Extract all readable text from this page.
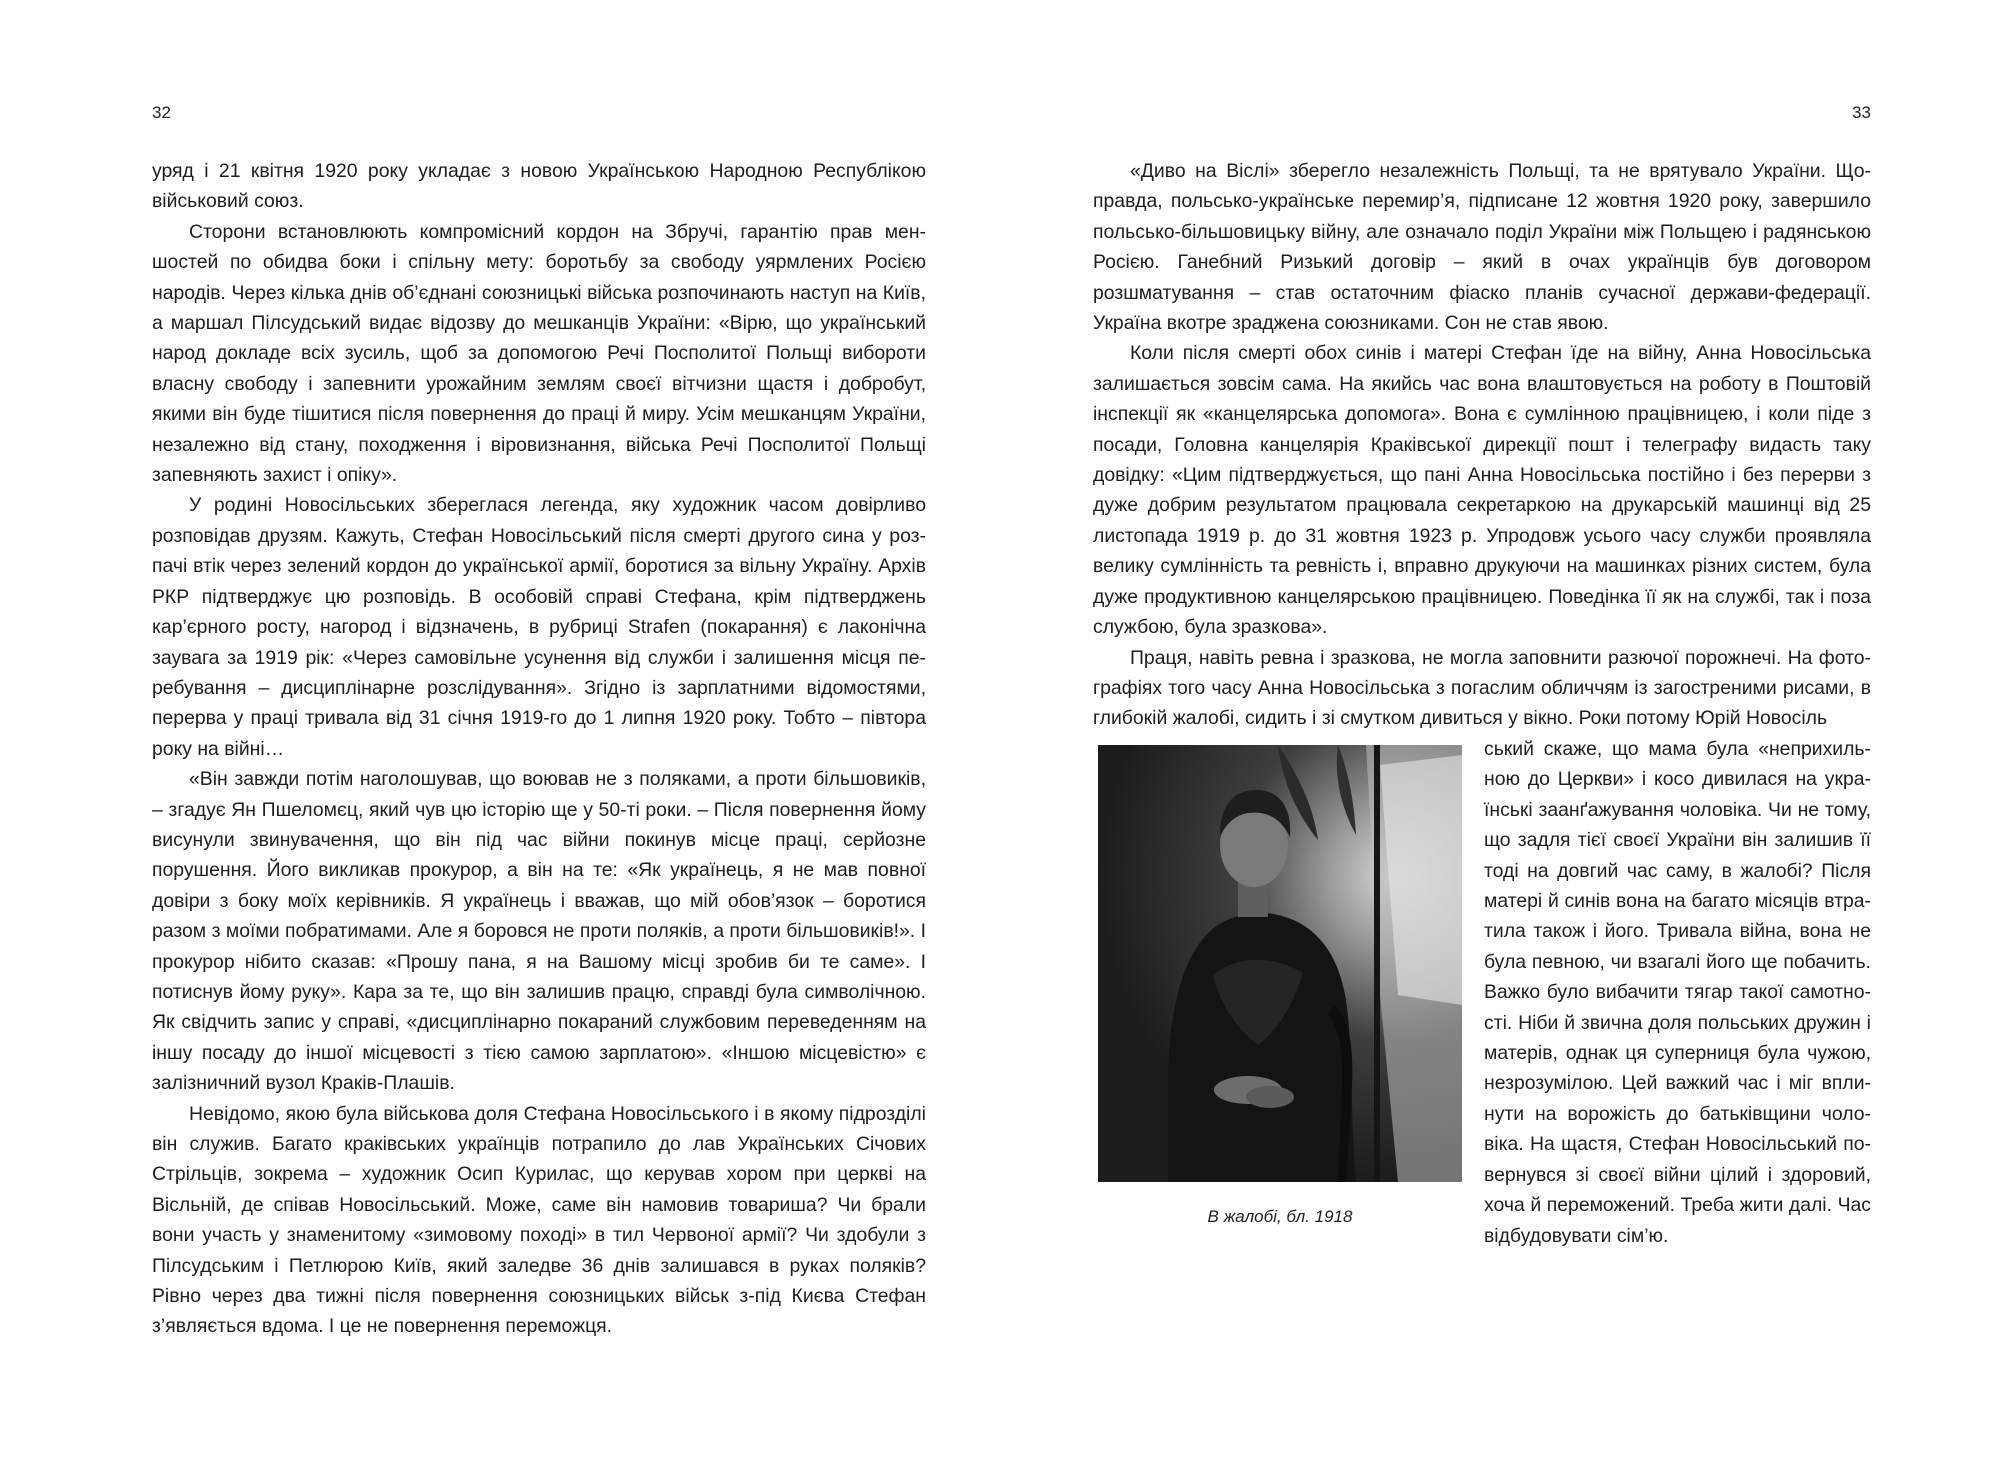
32	33

уряд і 21 квітня 1920 року укладає з новою Українською Народною Республікою військовий союз.

Сторони встановлюють компромісний кордон на Збручі, гарантію прав меншостей по обидва боки і спільну мету: боротьбу за свободу уярмлених Росією народів. Через кілька днів об’єднані союзницькі війська розпочинають наступ на Київ, а маршал Пілсудський видає відозву до мешканців України: «Вірю, що український народ докладе всіх зусиль, щоб за допомогою Речі Посполитої Польщі вибороти власну свободу і запевнити урожайним землям своєї вітчизни щастя і добробут, якими він буде тішитися після повернення до праці й миру. Усім мешканцям України, незалежно від стану, походження і віровизнання, війська Речі Посполитої Польщі запевняють захист і опіку».

У родині Новосільських збереглася легенда, яку художник часом довірливо розповідав друзям. Кажуть, Стефан Новосільський після смерті другого сина у розпачі втік через зелений кордон до української армії, боротися за вільну Україну. Архів РКР підтверджує цю розповідь. В особовій справі Стефана, крім підтверджень кар’єрного росту, нагород і відзначень, в рубриці Strafen (покарання) є лаконічна заувага за 1919 рік: «Через самовільне усунення від служби і залишення місця перебування – дисциплінарне розслідування». Згідно із зарплатними відомостями, перерва у праці тривала від 31 січня 1919-го до 1 липня 1920 року. Тобто – півтора року на війні…

«Він завжди потім наголошував, що воював не з поляками, а проти більшовиків, – згадує Ян Пшеломєц, який чув цю історію ще у 50-ті роки. – Після повернення йому висунули звинувачення, що він під час війни покинув місце праці, серйозне порушення. Його викликав прокурор, а він на те: «Як українець, я не мав повної довіри з боку моїх керівників. Я українець і вважав, що мій обов’язок – боротися разом з моїми побратимами. Але я боровся не проти поляків, а проти більшовиків!». І прокурор нібито сказав: «Прошу пана, я на Вашому місці зробив би те саме». І потиснув йому руку». Кара за те, що він залишив працю, справді була символічною. Як свідчить запис у справі, «дисциплінарно покараний службовим переведенням на іншу посаду до іншої місцевості з тією самою зарплатою». «Іншою місцевістю» є залізничний вузол Краків-Плашів.

Невідомо, якою була військова доля Стефана Новосільського і в якому підрозділі він служив. Багато краківських українців потрапило до лав Українських Січових Стрільців, зокрема – художник Осип Курилас, що керував хором при церкві на Вісльній, де співав Новосільський. Може, саме він намовив товариша? Чи брали вони участь у знаменитому «зимовому поході» в тил Червоної армії? Чи здобули з Пілсудським і Петлюрою Київ, який заледве 36 днів залишався в руках поляків? Рівно через два тижні після повернення союзницьких військ з-під Києва Стефан з’являється вдома. І це не повернення переможця.

«Диво на Віслі» зберегло незалежність Польщі, та не врятувало України. Щоправда, польсько-українське перемир’я, підписане 12 жовтня 1920 року, завершило польсько-більшовицьку війну, але означало поділ України між Польщею і радянською Росією. Ганебний Ризький договір – який в очах українців був договором розшматування – став остаточним фіаско планів сучасної держави-федерації. Україна вкотре зраджена союзниками. Сон не став явою.

Коли після смерті обох синів і матері Стефан їде на війну, Анна Новосільська залишається зовсім сама. На якийсь час вона влаштовується на роботу в Поштовій інспекції як «канцелярська допомога». Вона є сумлінною працівницею, і коли піде з посади, Головна канцелярія Краківської дирекції пошт і телеграфу видасть таку довідку: «Цим підтверджується, що пані Анна Новосільська постійно і без перерви з дуже добрим результатом працювала секретаркою на друкарській машинці від 25 листопада 1919 р. до 31 жовтня 1923 р. Упродовж усього часу служби проявляла велику сумлінність та ревність і, вправно друкуючи на машинках різних систем, була дуже продуктивною канцелярською працівницею. Поведінка її як на службі, так і поза службою, була зразкова».

Праця, навіть ревна і зразкова, не могла заповнити разючої порожнечі. На фотографіях того часу Анна Новосільська з погаслим обличчям із загостреними рисами, в глибокій жалобі, сидить і зі смутком дивиться у вікно. Роки потому Юрій Новосіль

В жалобі, бл. 1918

ський скаже, що мама була «неприхильною до Церкви» і косо дивилася на українські заанґажування чоловіка. Чи не тому, що задля тієї своєї України він залишив її тоді на довгий час саму, в жалобі? Після матері й синів вона на багато місяців втратила також і його. Тривала війна, вона не була певною, чи взагалі його ще побачить. Важко було вибачити тягар такої самотності. Ніби й звична доля польських дружин і матерів, однак ця суперниця була чужою, незрозумілою. Цей важкий час і міг вплинути на ворожість до батьківщини чоловіка. На щастя, Стефан Новосільський повернувся зі своєї війни цілий і здоровий, хоча й переможений. Треба жити далі. Час відбудовувати сім’ю.
